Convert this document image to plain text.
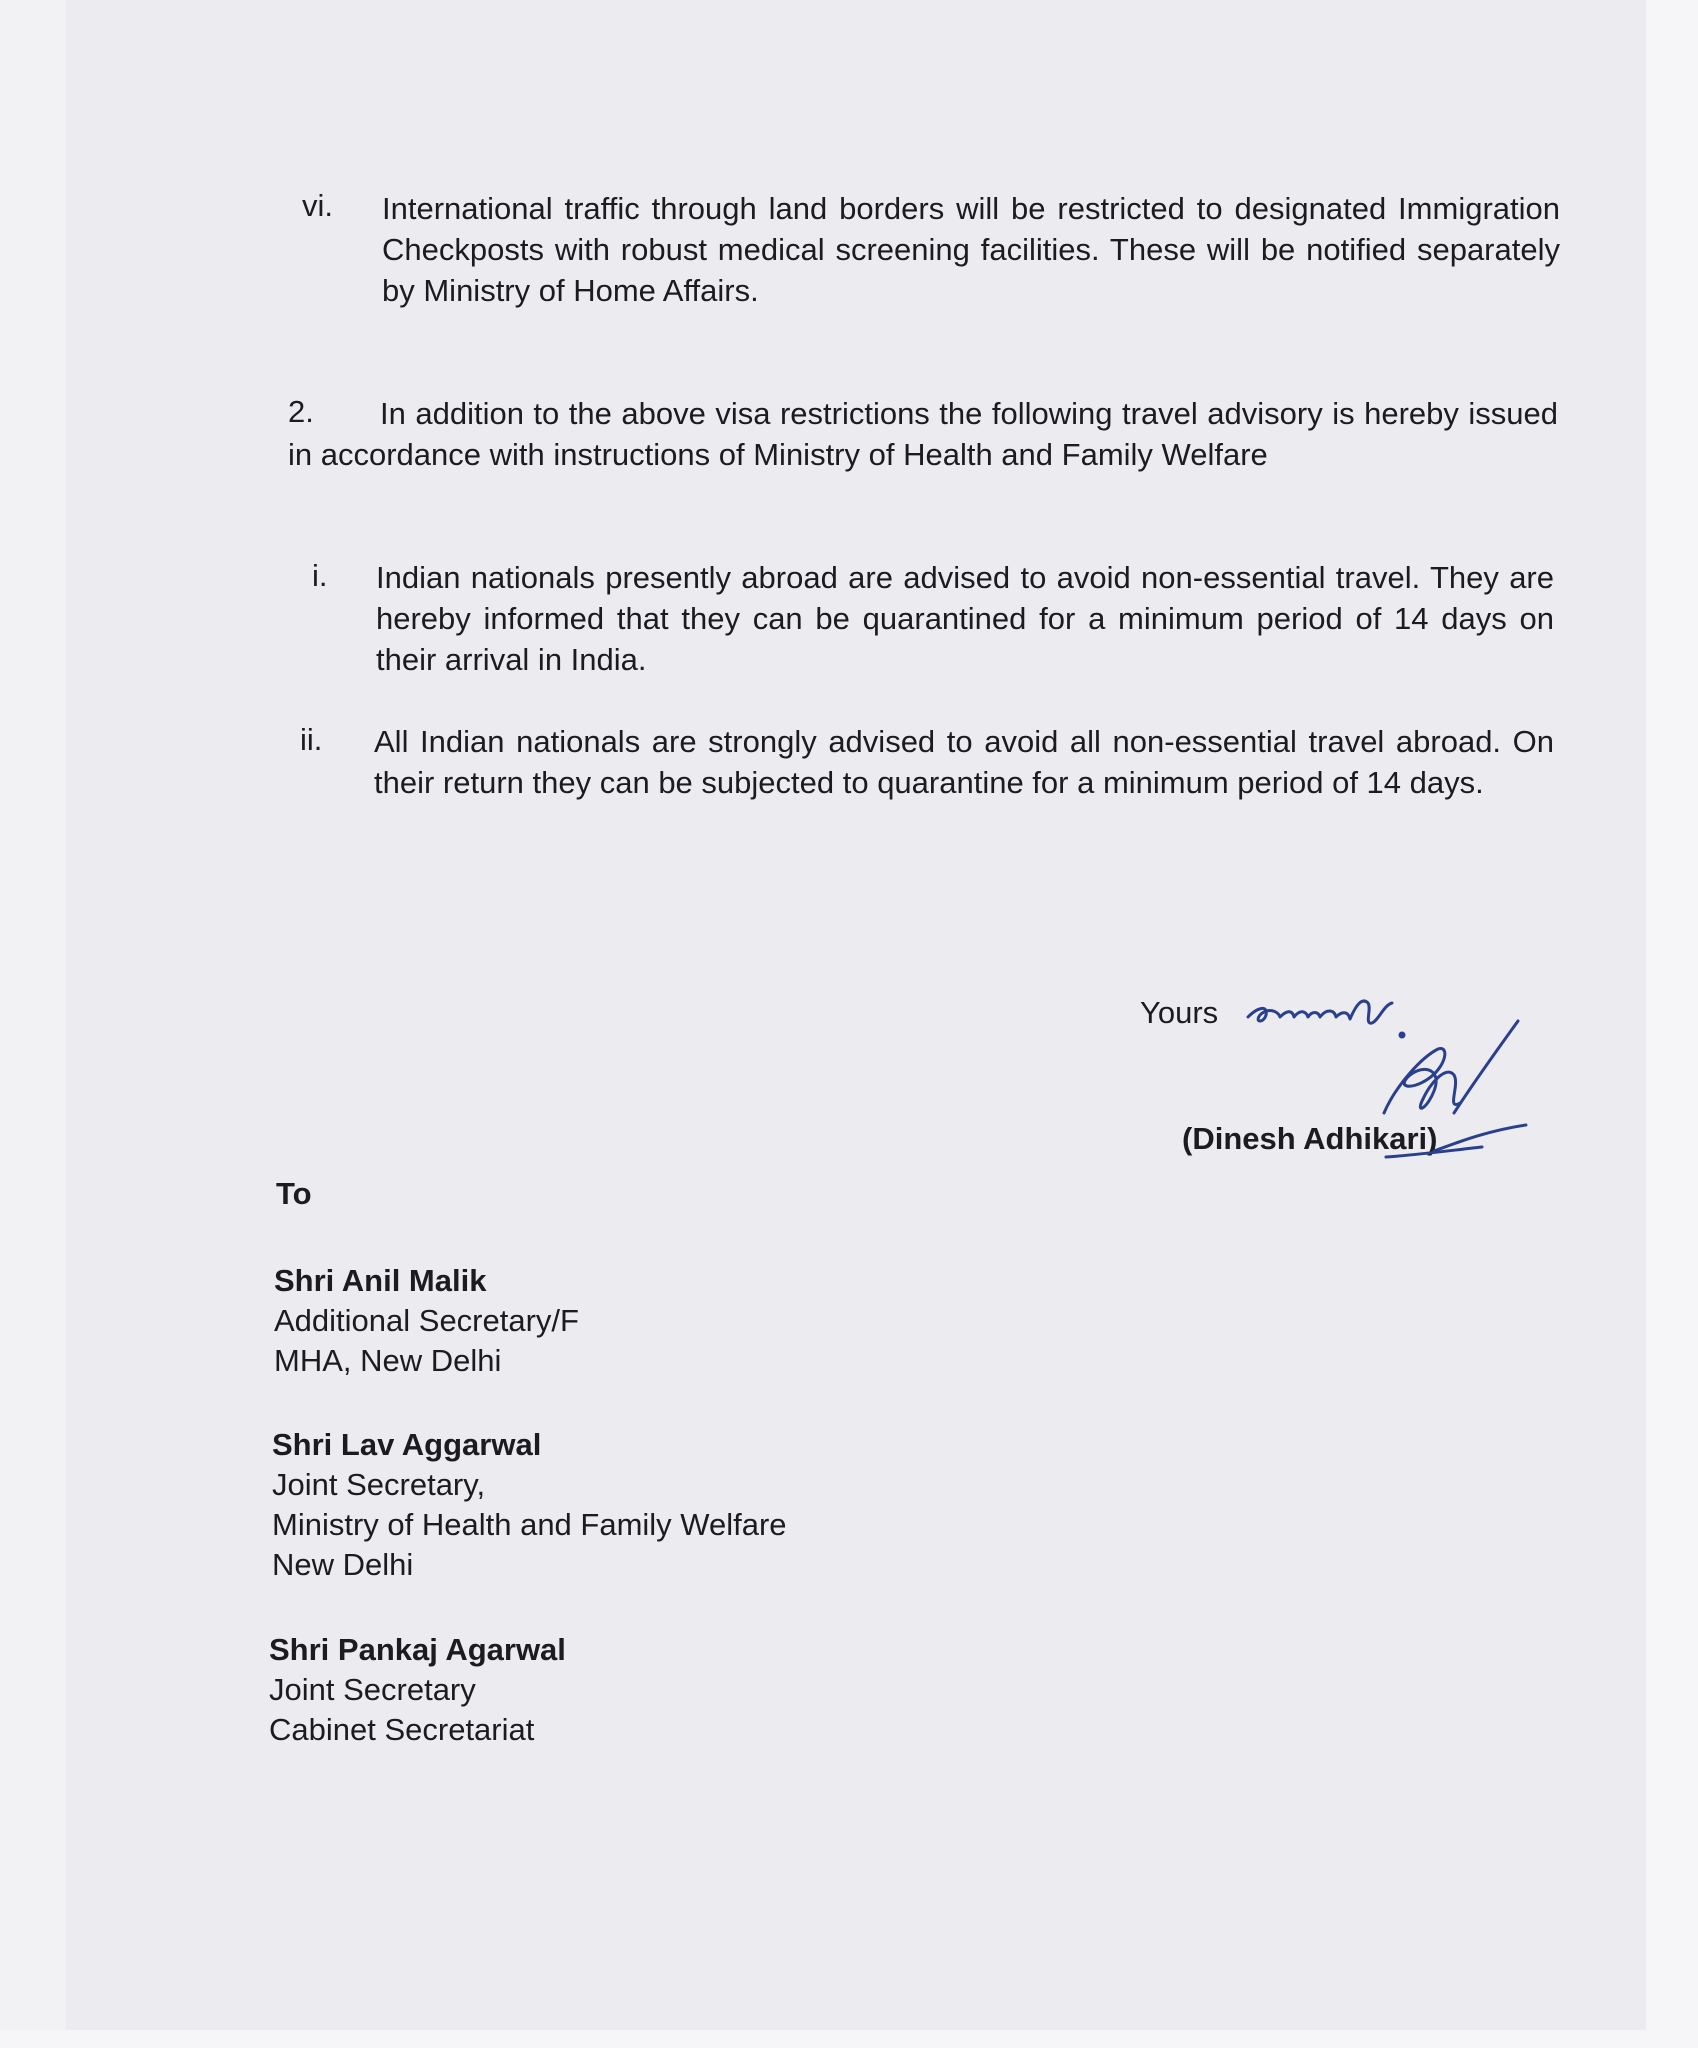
vi. International traffic through land borders will be restricted to designated Immigration Checkposts with robust medical screening facilities. These will be notified separately by Ministry of Home Affairs.

2.	In addition to the above visa restrictions the following travel advisory is hereby issued in accordance with instructions of Ministry of Health and Family Welfare

i. Indian nationals presently abroad are advised to avoid non-essential travel. They are hereby informed that they can be quarantined for a minimum period of 14 days on their arrival in India.

ii. All Indian nationals are strongly advised to avoid all non-essential travel abroad. On their return they can be subjected to quarantine for a minimum period of 14 days.

Yours
(Dinesh Adhikari)
To
Shri Anil Malik
Additional Secretary/F
MHA, New Delhi
Shri Lav Aggarwal
Joint Secretary,
Ministry of Health and Family Welfare
New Delhi
Shri Pankaj Agarwal
Joint Secretary
Cabinet Secretariat
